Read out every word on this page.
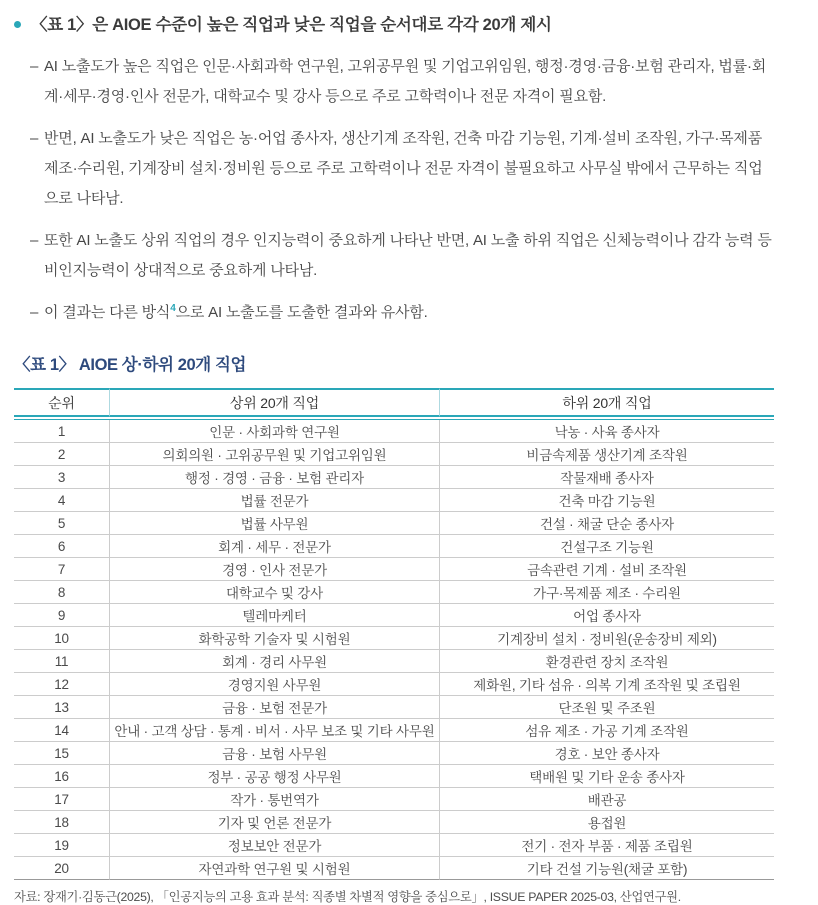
〈표 1〉은 AIOE 수준이 높은 직업과 낮은 직업을 순서대로 각각 20개 제시
– AI 노출도가 높은 직업은 인문·사회과학 연구원, 고위공무원 및 기업고위임원, 행정·경영·금융·보험 관리자, 법률·회계·세무·경영·인사 전문가, 대학교수 및 강사 등으로 주로 고학력이나 전문 자격이 필요함.
– 반면, AI 노출도가 낮은 직업은 농·어업 종사자, 생산기계 조작원, 건축 마감 기능원, 기계·설비 조작원, 가구·목제품 제조·수리원, 기계장비 설치·정비원 등으로 주로 고학력이나 전문 자격이 불필요하고 사무실 밖에서 근무하는 직업으로 나타남.
– 또한 AI 노출도 상위 직업의 경우 인지능력이 중요하게 나타난 반면, AI 노출 하위 직업은 신체능력이나 감각 능력 등 비인지능력이 상대적으로 중요하게 나타남.
– 이 결과는 다른 방식$^4$으로 AI 노출도를 도출한 결과와 유사함.
〈표 1〉 AIOE 상·하위 20개 직업
순위	상위 20개 직업	하위 20개 직업

1	인문 · 사회과학 연구원	낙농 · 사육 종사자
2	의회의원 · 고위공무원 및 기업고위임원	비금속제품 생산기계 조작원
3	행정 · 경영 · 금융 · 보험 관리자	작물재배 종사자
4	법률 전문가	건축 마감 기능원
5	법률 사무원	건설 · 채굴 단순 종사자
6	회계 · 세무 · 전문가	건설구조 기능원
7	경영 · 인사 전문가	금속관련 기계 · 설비 조작원
8	대학교수 및 강사	가구·목제품 제조 · 수리원
9	텔레마케터	어업 종사자
10	화학공학 기술자 및 시험원	기계장비 설치 · 정비원(운송장비 제외)
11	회계 · 경리 사무원	환경관련 장치 조작원
12	경영지원 사무원	제화원, 기타 섬유 · 의복 기계 조작원 및 조립원
13	금융 · 보험 전문가	단조원 및 주조원
14	안내 · 고객 상담 · 통계 · 비서 · 사무 보조 및 기타 사무원	섬유 제조 · 가공 기계 조작원
15	금융 · 보험 사무원	경호 · 보안 종사자
16	정부 · 공공 행정 사무원	택배원 및 기타 운송 종사자
17	작가 · 통번역가	배관공
18	기자 및 언론 전문가	용접원
19	정보보안 전문가	전기 · 전자 부품 · 제품 조립원
20	자연과학 연구원 및 시험원	기타 건설 기능원(채굴 포함)
자료: 장재기·김동근(2025), 「인공지능의 고용 효과 분석: 직종별 차별적 영향을 중심으로」, ISSUE PAPER 2025-03, 산업연구원.
